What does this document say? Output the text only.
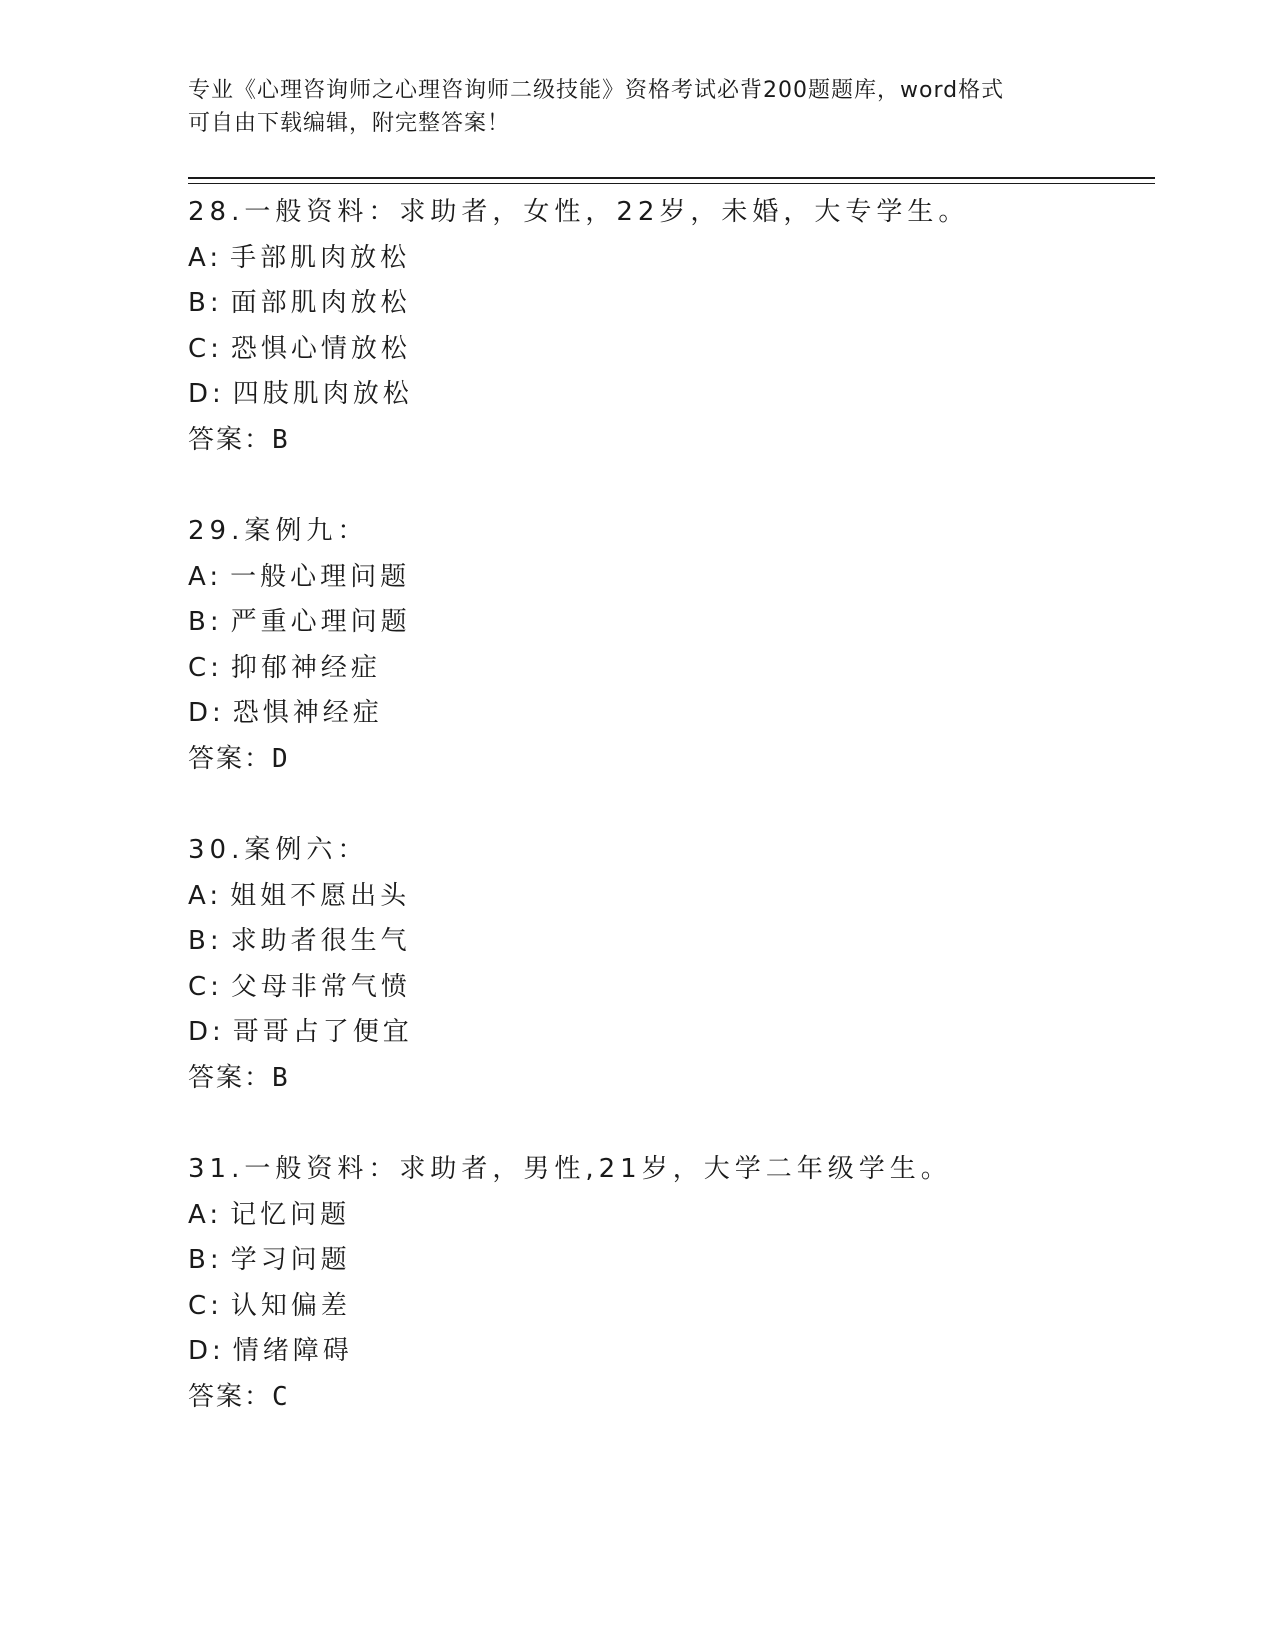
专业《心理咨询师之心理咨询师二级技能》资格考试必背200题题库，word格式
可自由下载编辑，附完整答案！
28.一般资料：求助者，女性，22岁，未婚，大专学生。
A: 手部肌肉放松
B: 面部肌肉放松
C: 恐惧心情放松
D: 四肢肌肉放松
答案：B
29.案例九：
A: 一般心理问题
B: 严重心理问题
C: 抑郁神经症
D: 恐惧神经症
答案：D
30.案例六：
A: 姐姐不愿出头
B: 求助者很生气
C: 父母非常气愤
D: 哥哥占了便宜
答案：B
31.一般资料：求助者，男性,21岁，大学二年级学生。
A: 记忆问题
B: 学习问题
C: 认知偏差
D: 情绪障碍
答案：C
